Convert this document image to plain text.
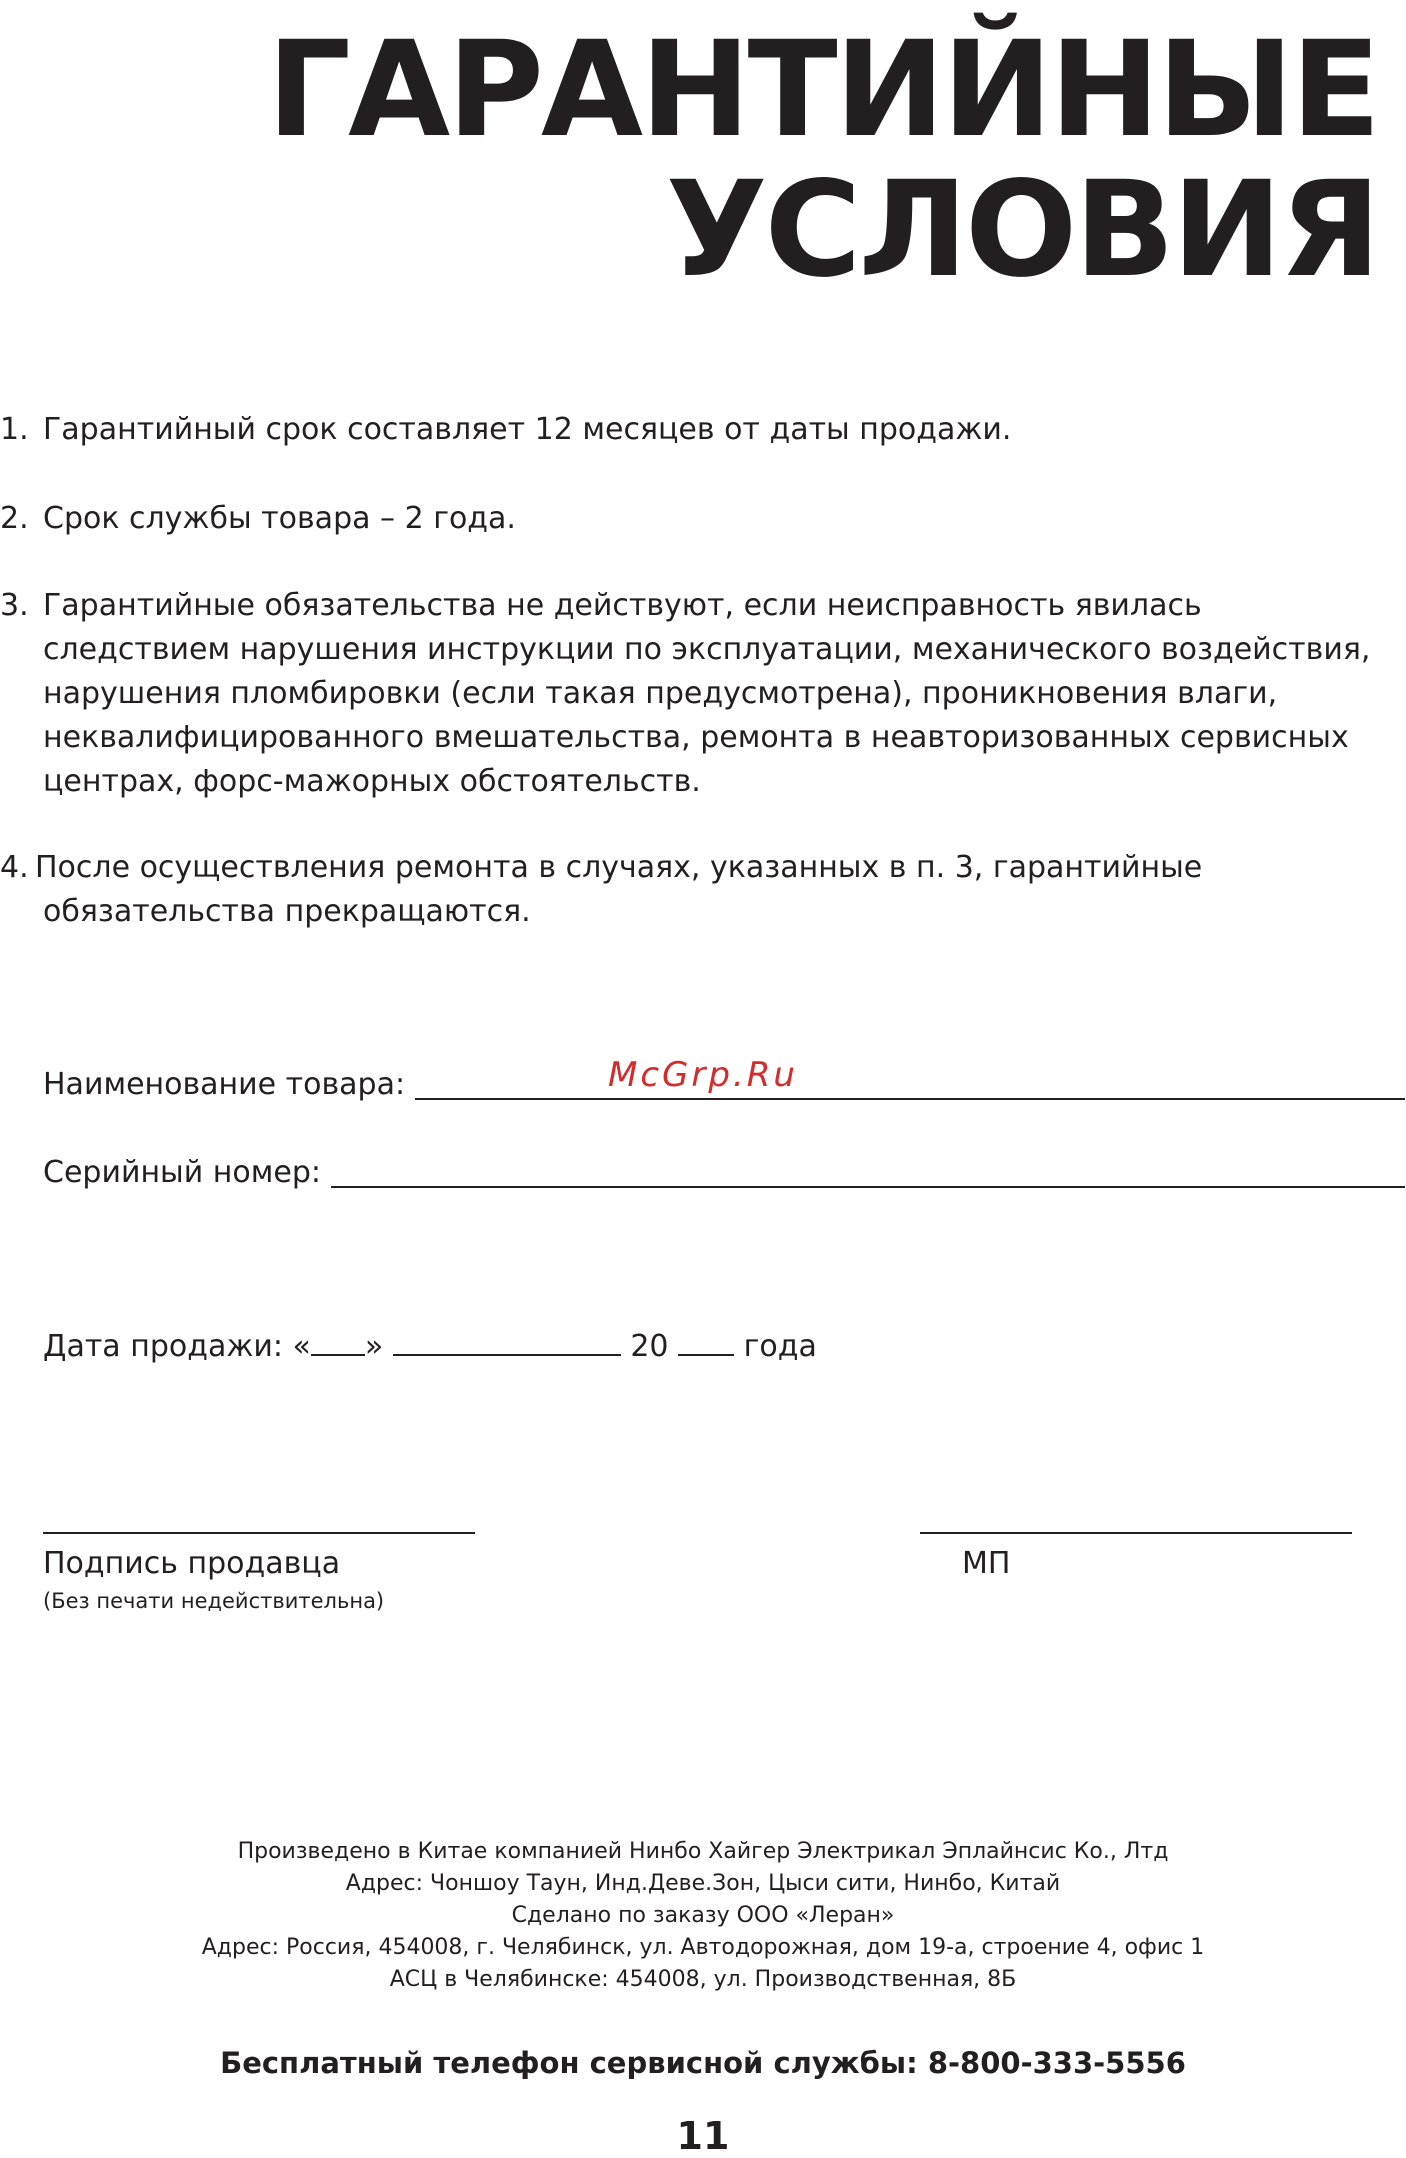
ГАРАНТИЙНЫЕ
УСЛОВИЯ
1. Гарантийный срок составляет 12 месяцев от даты продажи.
2. Срок службы товара – 2 года.
3. Гарантийные обязательства не действуют, если неисправность явилась следствием нарушения инструкции по эксплуатации, механического воздействия, нарушения пломбировки (если такая предусмотрена), проникновения влаги, неквалифицированного вмешательства, ремонта в неавторизованных сервисных центрах, форс-мажорных обстоятельств.
4. После осуществления ремонта в случаях, указанных в п. 3, гарантийные обязательства прекращаются.
Наименование товара:	McGrp.Ru
Серийный номер:
Дата продажи: « »	20	года
Подпись продавца
(Без печати недействительна)
МП
Произведено в Китае компанией Нинбо Хайгер Электрикал Эплайнсис Ко., Лтд
Адрес: Чоншоу Таун, Инд.Деве.Зон, Цыси сити, Нинбо, Китай
Сделано по заказу ООО «Леран»
Адрес: Россия, 454008, г. Челябинск, ул. Автодорожная, дом 19-а, строение 4, офис 1
АСЦ в Челябинске: 454008, ул. Производственная, 8Б
Бесплатный телефон сервисной службы: 8-800-333-5556
11
